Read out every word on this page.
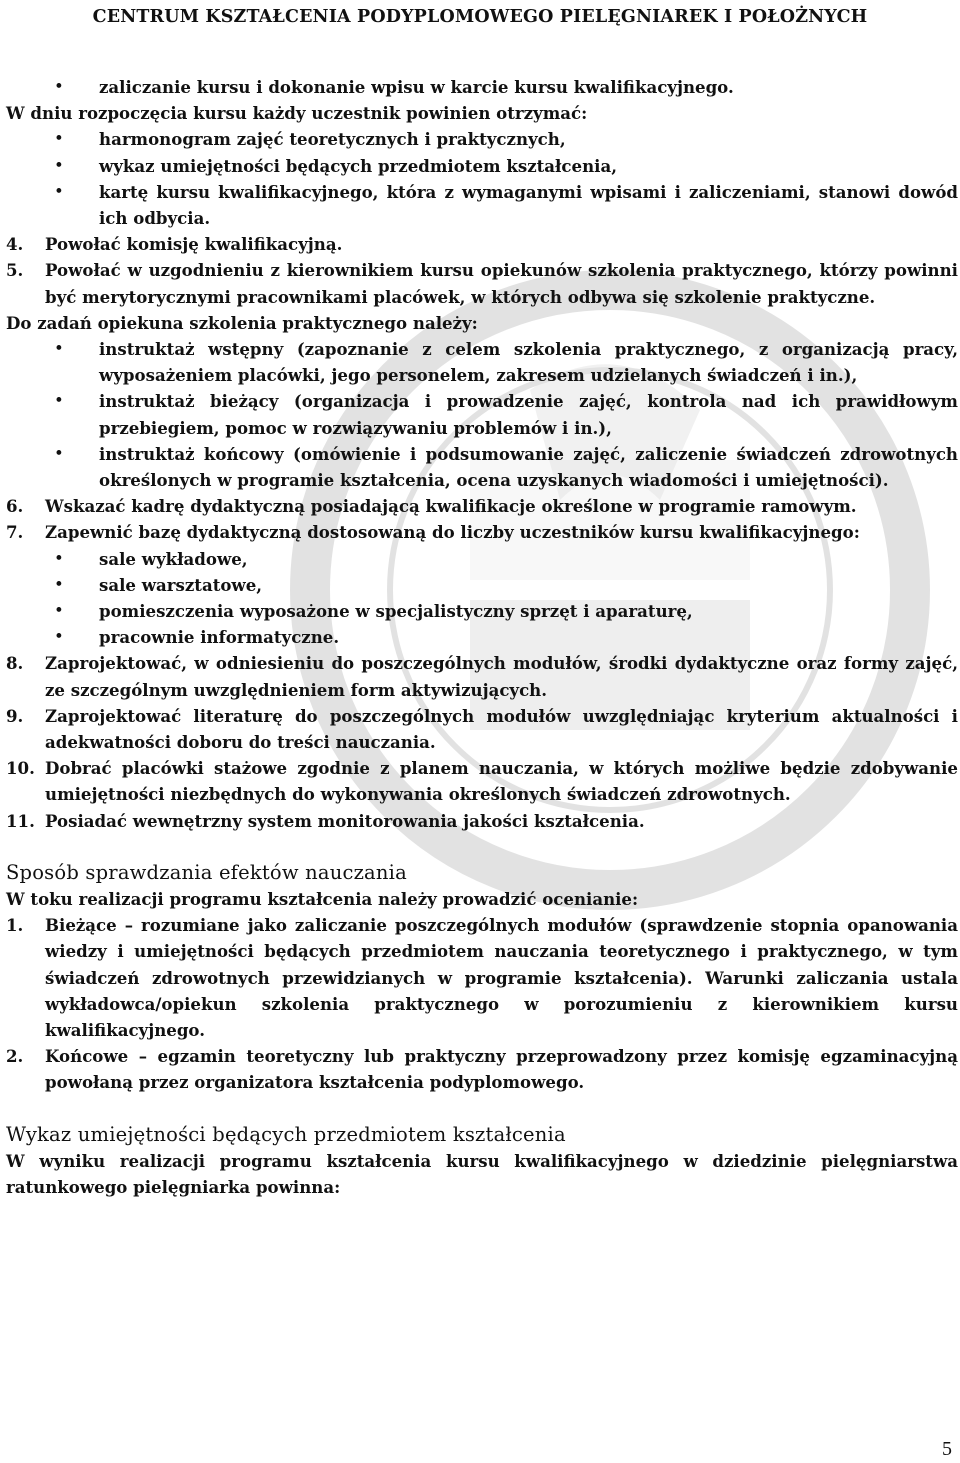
CENTRUM KSZTAŁCENIA PODYPLOMOWEGO PIELĘGNIAREK I POŁOŻNYCH

• zaliczanie kursu i dokonanie wpisu w karcie kursu kwalifikacyjnego.

W dniu rozpoczęcia kursu każdy uczestnik powinien otrzymać:

• harmonogram zajęć teoretycznych i praktycznych,

• wykaz umiejętności będących przedmiotem kształcenia,

• kartę kursu kwalifikacyjnego, która z wymaganymi wpisami i zaliczeniami, stanowi dowód ich odbycia.

4. Powołać komisję kwalifikacyjną.

5. Powołać w uzgodnieniu z kierownikiem kursu opiekunów szkolenia praktycznego, którzy powinni być merytorycznymi pracownikami placówek, w których odbywa się szkolenie praktyczne.

Do zadań opiekuna szkolenia praktycznego należy:

• instruktaż wstępny (zapoznanie z celem szkolenia praktycznego, z organizacją pracy, wyposażeniem placówki, jego personelem, zakresem udzielanych świadczeń i in.),

• instruktaż bieżący (organizacja i prowadzenie zajęć, kontrola nad ich prawidłowym przebiegiem, pomoc w rozwiązywaniu problemów i in.),

• instruktaż końcowy (omówienie i podsumowanie zajęć, zaliczenie świadczeń zdrowotnych określonych w programie kształcenia, ocena uzyskanych wiadomości i umiejętności).

6. Wskazać kadrę dydaktyczną posiadającą kwalifikacje określone w programie ramowym.

7. Zapewnić bazę dydaktyczną dostosowaną do liczby uczestników kursu kwalifikacyjnego:

• sale wykładowe,

• sale warsztatowe,

• pomieszczenia wyposażone w specjalistyczny sprzęt i aparaturę,

• pracownie informatyczne.

8. Zaprojektować, w odniesieniu do poszczególnych modułów, środki dydaktyczne oraz formy zajęć, ze szczególnym uwzględnieniem form aktywizujących.

9. Zaprojektować literaturę do poszczególnych modułów uwzględniając kryterium aktualności i adekwatności doboru do treści nauczania.

10. Dobrać placówki stażowe zgodnie z planem nauczania, w których możliwe będzie zdobywanie umiejętności niezbędnych do wykonywania określonych świadczeń zdrowotnych.

11. Posiadać wewnętrzny system monitorowania jakości kształcenia.

Sposób sprawdzania efektów nauczania

W toku realizacji programu kształcenia należy prowadzić ocenianie:

1. Bieżące – rozumiane jako zaliczanie poszczególnych modułów (sprawdzenie stopnia opanowania wiedzy i umiejętności będących przedmiotem nauczania teoretycznego i praktycznego, w tym świadczeń zdrowotnych przewidzianych w programie kształcenia). Warunki zaliczania ustala wykładowca/opiekun szkolenia praktycznego w porozumieniu z kierownikiem kursu kwalifikacyjnego.

2. Końcowe – egzamin teoretyczny lub praktyczny przeprowadzony przez komisję egzaminacyjną powołaną przez organizatora kształcenia podyplomowego.

Wykaz umiejętności będących przedmiotem kształcenia

W wyniku realizacji programu kształcenia kursu kwalifikacyjnego w dziedzinie pielęgniarstwa ratunkowego pielęgniarka powinna:

5
